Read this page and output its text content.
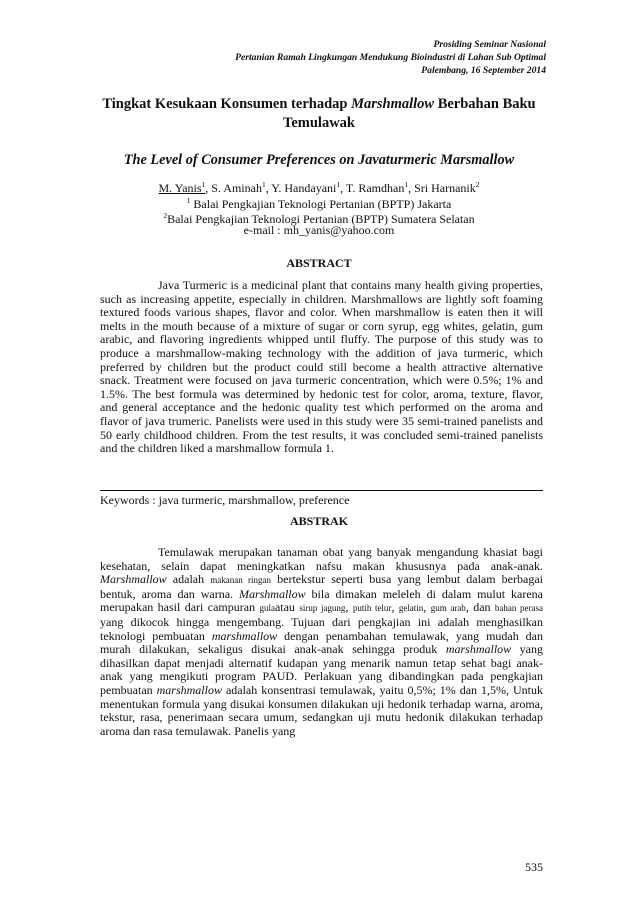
Prosiding Seminar Nasional
Pertanian Ramah Lingkungan Mendukung Bioindustri di Lahan Sub Optimal
Palembang, 16 September 2014
Tingkat Kesukaan Konsumen terhadap Marshmallow Berbahan Baku Temulawak
The Level of Consumer Preferences on Javaturmeric Marsmallow
M. Yanis$^1$, S. Aminah$^1$, Y. Handayani$^1$, T. Ramdhan$^1$, Sri Harnanik$^2$
$^1$ Balai Pengkajian Teknologi Pertanian (BPTP) Jakarta
$^2$Balai Pengkajian Teknologi Pertanian (BPTP) Sumatera Selatan
e-mail : mh_yanis@yahoo.com
ABSTRACT

Java Turmeric is a medicinal plant that contains many health giving properties, such as increasing appetite, especially in children. Marshmallows are lightly soft foaming textured foods various shapes, flavor and color. When marshmallow is eaten then it will melts in the mouth because of a mixture of sugar or corn syrup, egg whites, gelatin, gum arabic, and flavoring ingredients whipped until fluffy. The purpose of this study was to produce a marshmallow-making technology with the addition of java turmeric, which preferred by children but the product could still become a health attractive alternative snack. Treatment were focused on java turmeric concentration, which were 0.5%; 1% and 1.5%. The best formula was determined by hedonic test for color, aroma, texture, flavor, and general acceptance and the hedonic quality test which performed on the aroma and flavor of java trumeric. Panelists were used in this study were 35 semi-trained panelists and 50 early childhood children. From the test results, it was concluded semi-trained panelists and the children liked a marshmallow formula 1.

Keywords : java turmeric, marshmallow, preference
ABSTRAK

Temulawak merupakan tanaman obat yang banyak mengandung khasiat bagi kesehatan, selain dapat meningkatkan nafsu makan khususnya pada anak-anak. Marshmallow adalah makanan ringan bertekstur seperti busa yang lembut dalam berbagai bentuk, aroma dan warna. Marshmallow bila dimakan meleleh di dalam mulut karena merupakan hasil dari campuran gulaatau sirup jagung, putih telur, gelatin, gum arab, dan bahan perasa yang dikocok hingga mengembang. Tujuan dari pengkajian ini adalah menghasilkan teknologi pembuatan marshmallow dengan penambahan temulawak, yang mudah dan murah dilakukan, sekaligus disukai anak-anak sehingga produk marshmallow yang dihasilkan dapat menjadi alternatif kudapan yang menarik namun tetap sehat bagi anak-anak yang mengikuti program PAUD. Perlakuan yang dibandingkan pada pengkajian pembuatan marshmallow adalah konsentrasi temulawak, yaitu 0,5%; 1% dan 1,5%, Untuk menentukan formula yang disukai konsumen dilakukan uji hedonik terhadap warna, aroma, tekstur, rasa, penerimaan secara umum, sedangkan uji mutu hedonik dilakukan terhadap aroma dan rasa temulawak. Panelis yang

535
